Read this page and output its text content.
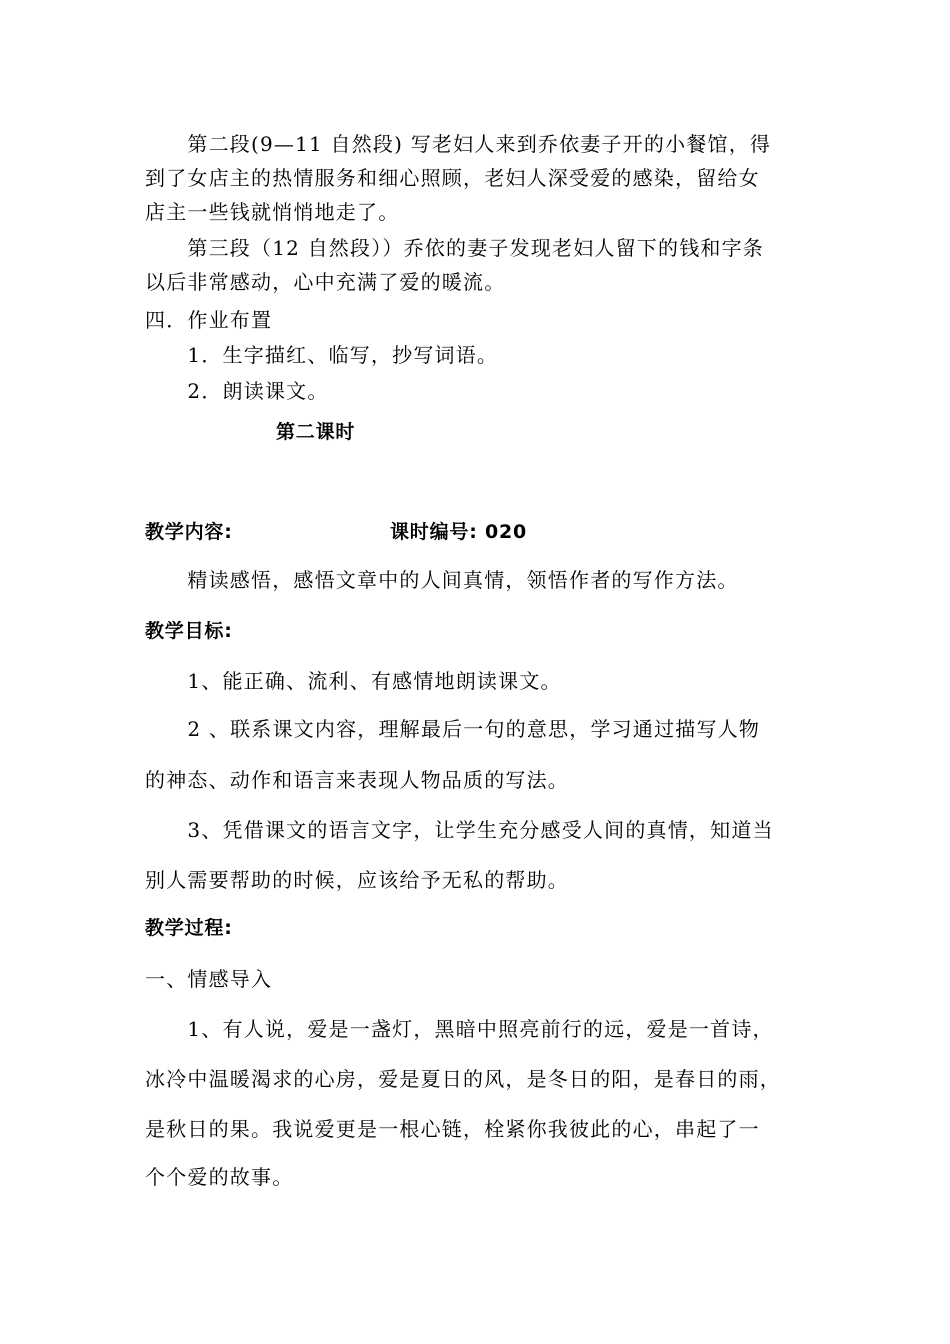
　　第二段(9—11 自然段) 写老妇人来到乔依妻子开的小餐馆，得
到了女店主的热情服务和细心照顾，老妇人深受爱的感染，留给女
店主一些钱就悄悄地走了。
　　第三段（12 自然段））乔依的妻子发现老妇人留下的钱和字条
以后非常感动，心中充满了爱的暖流。
四．作业布置
　　1．生字描红、临写，抄写词语。
　　2．朗读课文。
第二课时
教学内容:	课时编号: 020
　　精读感悟，感悟文章中的人间真情，领悟作者的写作方法。
教学目标:
　　1、能正确、流利、有感情地朗读课文。
　　2 、联系课文内容，理解最后一句的意思，学习通过描写人物
的神态、动作和语言来表现人物品质的写法。
　　3、凭借课文的语言文字，让学生充分感受人间的真情，知道当
别人需要帮助的时候，应该给予无私的帮助。
教学过程:
一、情感导入
　　1、有人说，爱是一盏灯，黑暗中照亮前行的远，爱是一首诗，
冰冷中温暖渴求的心房，爱是夏日的风，是冬日的阳，是春日的雨，
是秋日的果。我说爱更是一根心链，栓紧你我彼此的心，串起了一
个个爱的故事。
